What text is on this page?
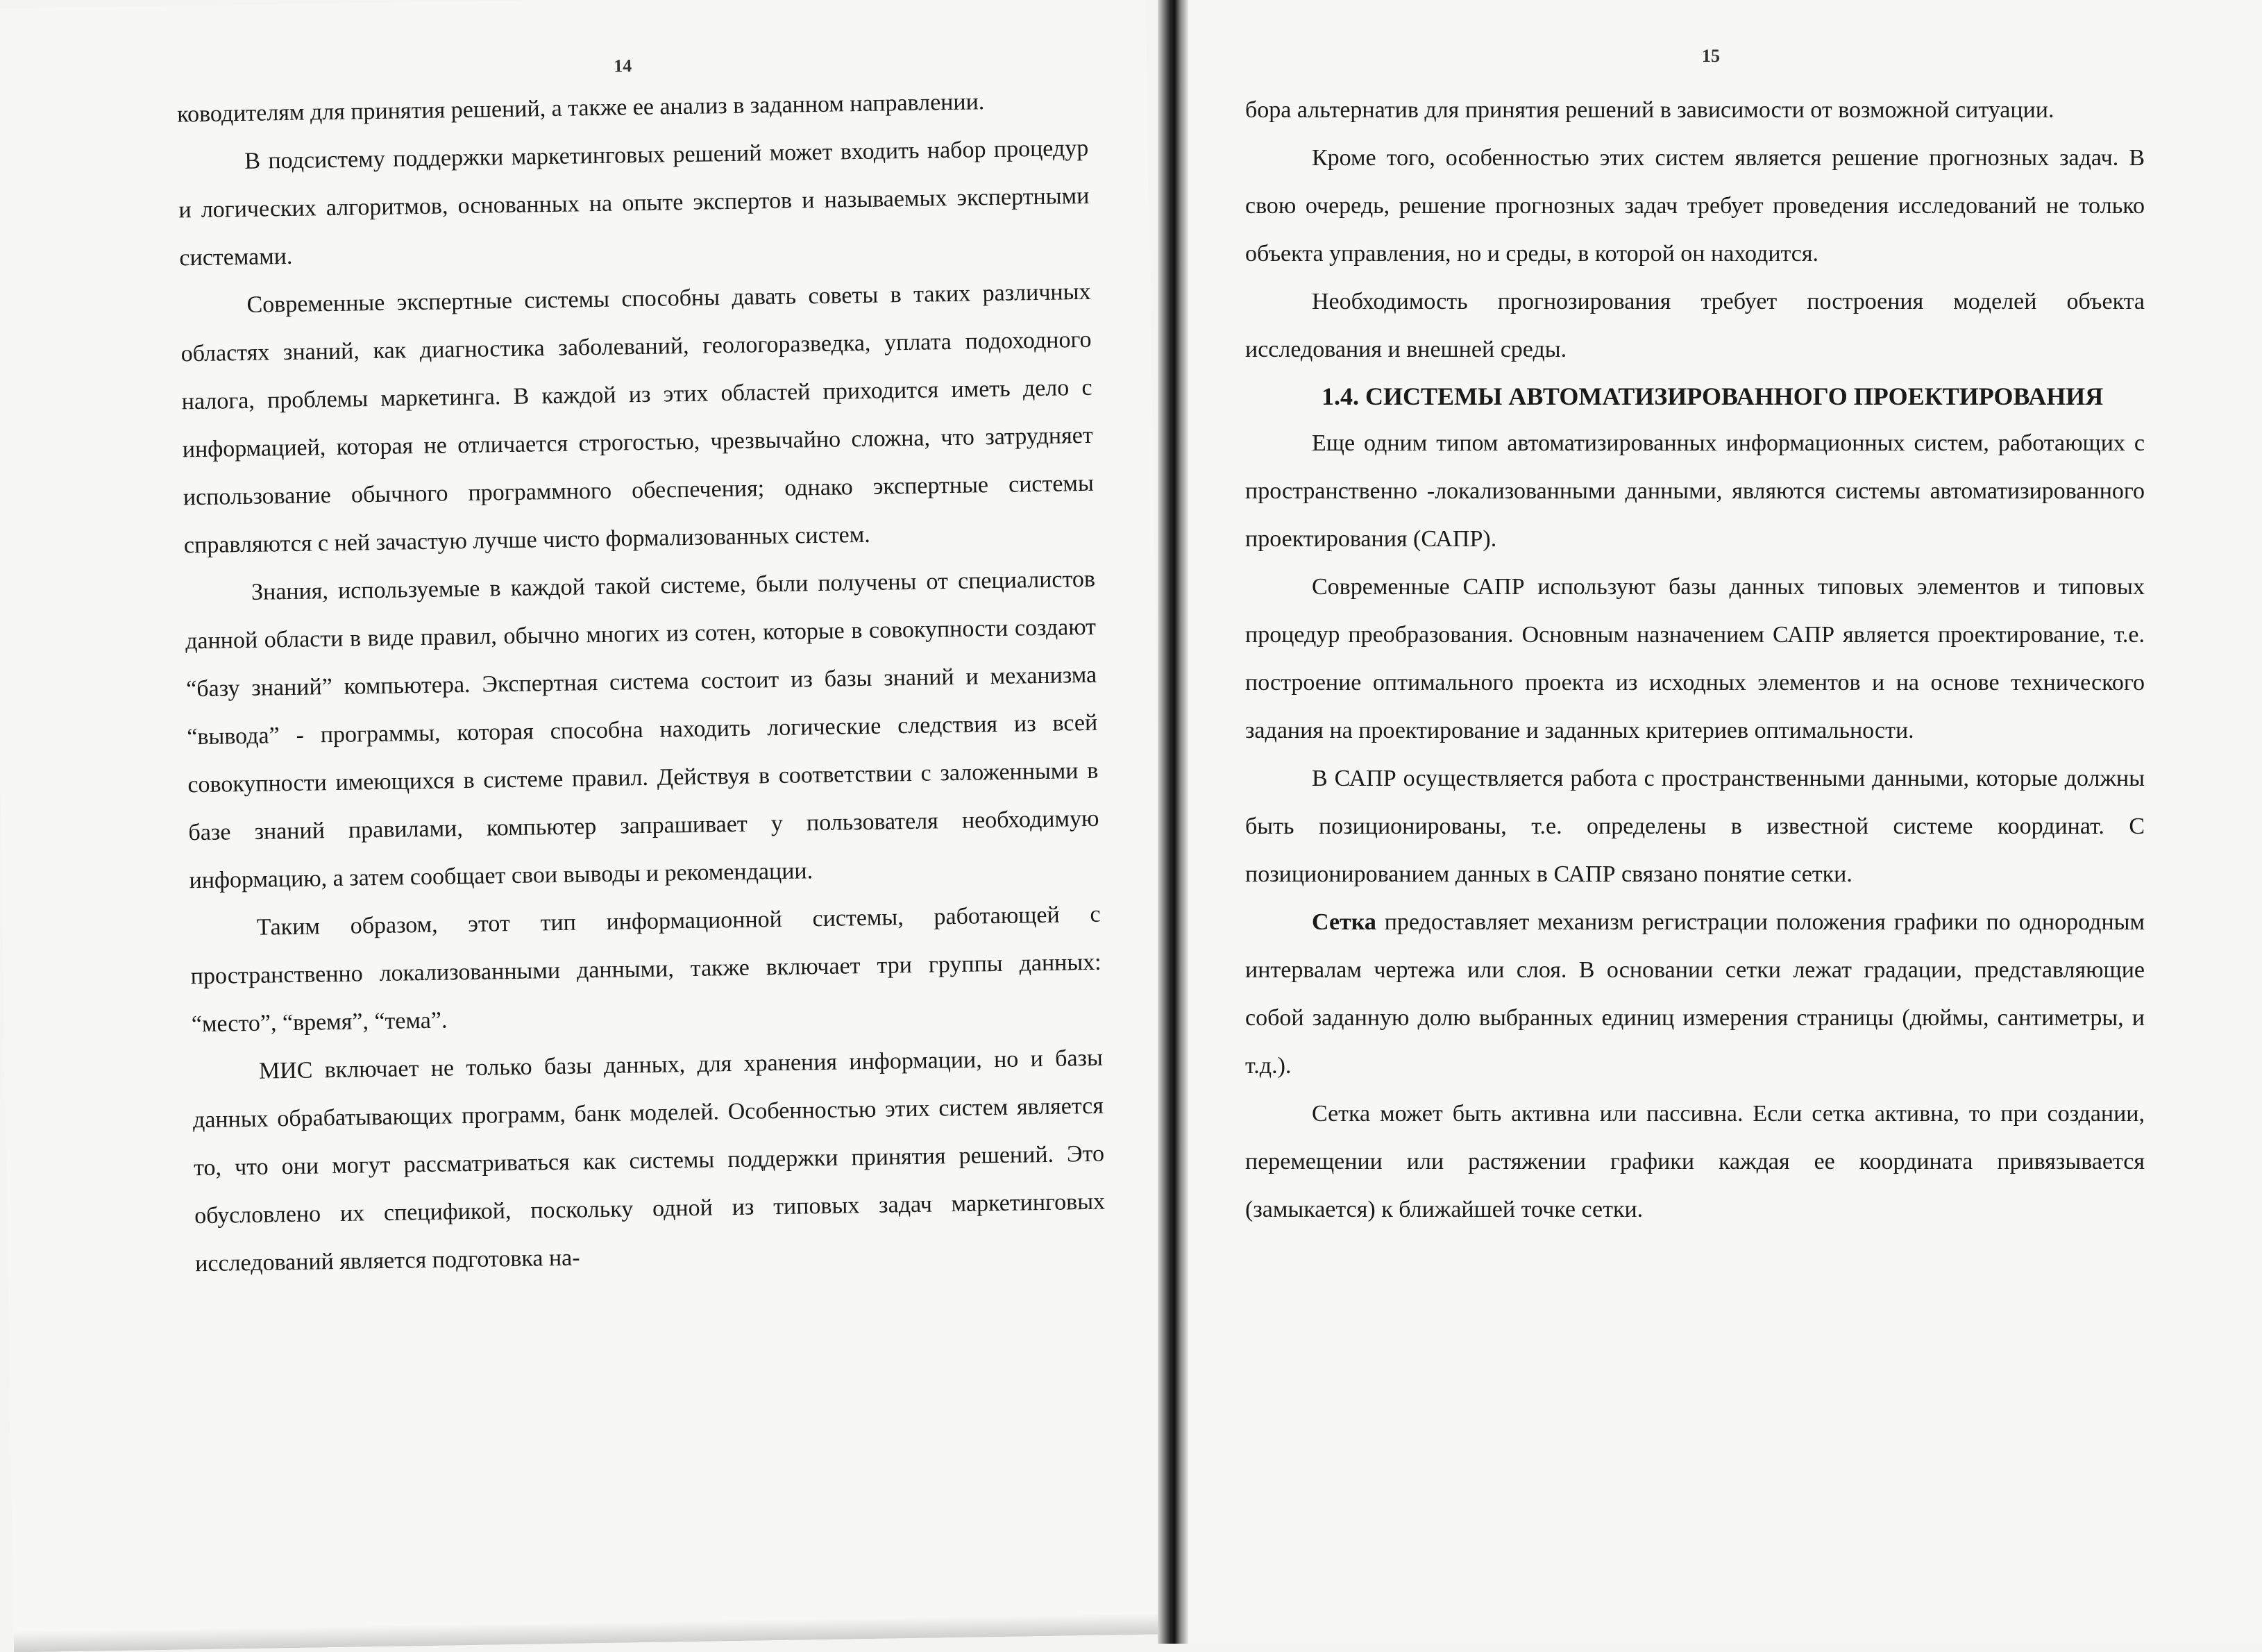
14

ководителям для принятия решений, а также ее анализ в заданном направлении.

В подсистему поддержки маркетинговых решений может входить набор процедур и логических алгоритмов, основанных на опыте экспертов и называемых экспертными системами.

Современные экспертные системы способны давать советы в таких различных областях знаний, как диагностика заболеваний, геологоразведка, уплата подоходного налога, проблемы маркетинга. В каждой из этих областей приходится иметь дело с информацией, которая не отличается строгостью, чрезвычайно сложна, что затрудняет использование обычного программного обеспечения; однако экспертные системы справляются с ней зачастую лучше чисто формализованных систем.

Знания, используемые в каждой такой системе, были получены от специалистов данной области в виде правил, обычно многих из сотен, которые в совокупности создают “базу знаний” компьютера. Экспертная система состоит из базы знаний и механизма “вывода” - программы, которая способна находить логические следствия из всей совокупности имеющихся в системе правил. Действуя в соответствии с заложенными в базе знаний правилами, компьютер запрашивает у пользователя необходимую информацию, а затем сообщает свои выводы и рекомендации.

Таким образом, этот тип информационной системы, работающей с пространственно локализованными данными, также включает три группы данных: “место”, “время”, “тема”.

МИС включает не только базы данных, для хранения информации, но и базы данных обрабатывающих программ, банк моделей. Особенностью этих систем является то, что они могут рассматриваться как системы поддержки принятия решений. Это обусловлено их спецификой, поскольку одной из типовых задач маркетинговых исследований является подготовка на-

15

бора альтернатив для принятия решений в зависимости от возможной ситуации.

Кроме того, особенностью этих систем является решение прогнозных задач. В свою очередь, решение прогнозных задач требует проведения исследований не только объекта управления, но и среды, в которой он находится.

Необходимость прогнозирования требует построения моделей объекта исследования и внешней среды.

1.4. СИСТЕМЫ АВТОМАТИЗИРОВАННОГО ПРОЕКТИРОВАНИЯ

Еще одним типом автоматизированных информационных систем, работающих с пространственно -локализованными данными, являются системы автоматизированного проектирования (САПР).

Современные САПР используют базы данных типовых элементов и типовых процедур преобразования. Основным назначением САПР является проектирование, т.е. построение оптимального проекта из исходных элементов и на основе технического задания на проектирование и заданных критериев оптимальности.

В САПР осуществляется работа с пространственными данными, которые должны быть позиционированы, т.е. определены в известной системе координат. С позиционированием данных в САПР связано понятие сетки.

Сетка предоставляет механизм регистрации положения графики по однородным интервалам чертежа или слоя. В основании сетки лежат градации, представляющие собой заданную долю выбранных единиц измерения страницы (дюймы, сантиметры, и т.д.).

Сетка может быть активна или пассивна. Если сетка активна, то при создании, перемещении или растяжении графики каждая ее координата привязывается (замыкается) к ближайшей точке сетки.
